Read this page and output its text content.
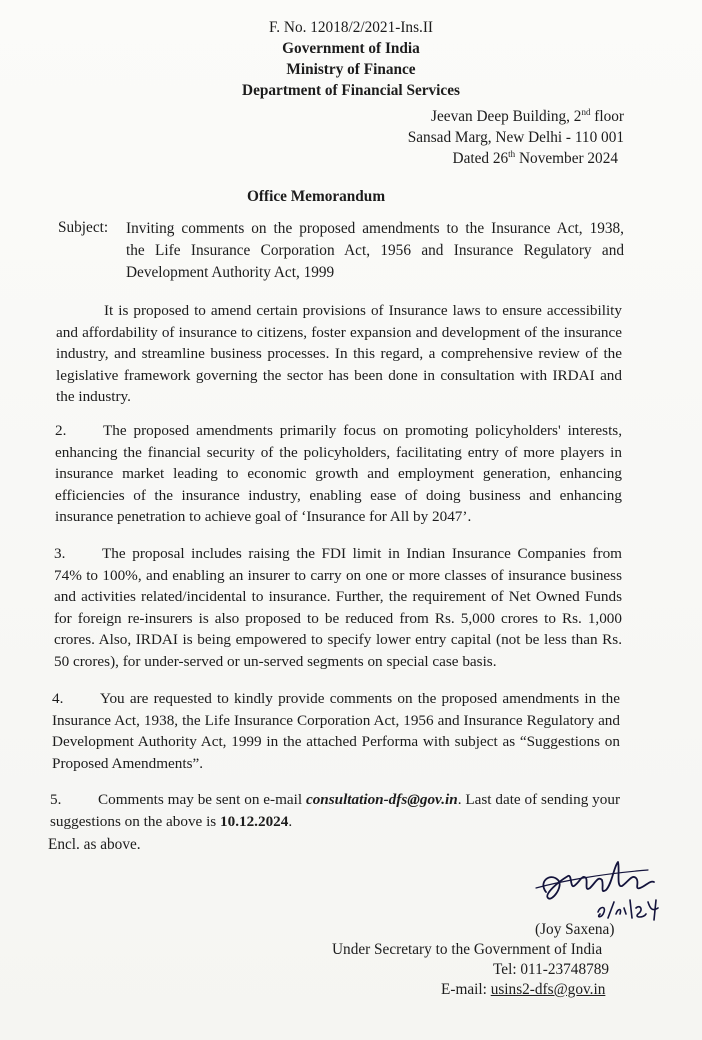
F. No. 12018/2/2021-Ins.II
Government of India
Ministry of Finance
Department of Financial Services
Jeevan Deep Building, 2nd floor
Sansad Marg, New Delhi - 110 001
Dated 26th November 2024
Office Memorandum
Subject: Inviting comments on the proposed amendments to the Insurance Act, 1938,
the Life Insurance Corporation Act, 1956 and Insurance Regulatory and
Development Authority Act, 1999

It is proposed to amend certain provisions of Insurance laws to ensure accessibility and affordability of insurance to citizens, foster expansion and development of the insurance industry, and streamline business processes. In this regard, a comprehensive review of the legislative framework governing the sector has been done in consultation with IRDAI and the industry.

2. The proposed amendments primarily focus on promoting policyholders' interests, enhancing the financial security of the policyholders, facilitating entry of more players in insurance market leading to economic growth and employment generation, enhancing efficiencies of the insurance industry, enabling ease of doing business and enhancing insurance penetration to achieve goal of ‘Insurance for All by 2047’.

3. The proposal includes raising the FDI limit in Indian Insurance Companies from 74% to 100%, and enabling an insurer to carry on one or more classes of insurance business and activities related/incidental to insurance. Further, the requirement of Net Owned Funds for foreign re-insurers is also proposed to be reduced from Rs. 5,000 crores to Rs. 1,000 crores. Also, IRDAI is being empowered to specify lower entry capital (not be less than Rs. 50 crores), for under-served or un-served segments on special case basis.

4. You are requested to kindly provide comments on the proposed amendments in the Insurance Act, 1938, the Life Insurance Corporation Act, 1956 and Insurance Regulatory and Development Authority Act, 1999 in the attached Performa with subject as “Suggestions on Proposed Amendments”.

5. Comments may be sent on e-mail consultation-dfs@gov.in. Last date of sending your suggestions on the above is 10.12.2024.

Encl. as above.	26/11/24
(Joy Saxena)
Under Secretary to the Government of India
Tel: 011-23748789
E-mail: usins2-dfs@gov.in
